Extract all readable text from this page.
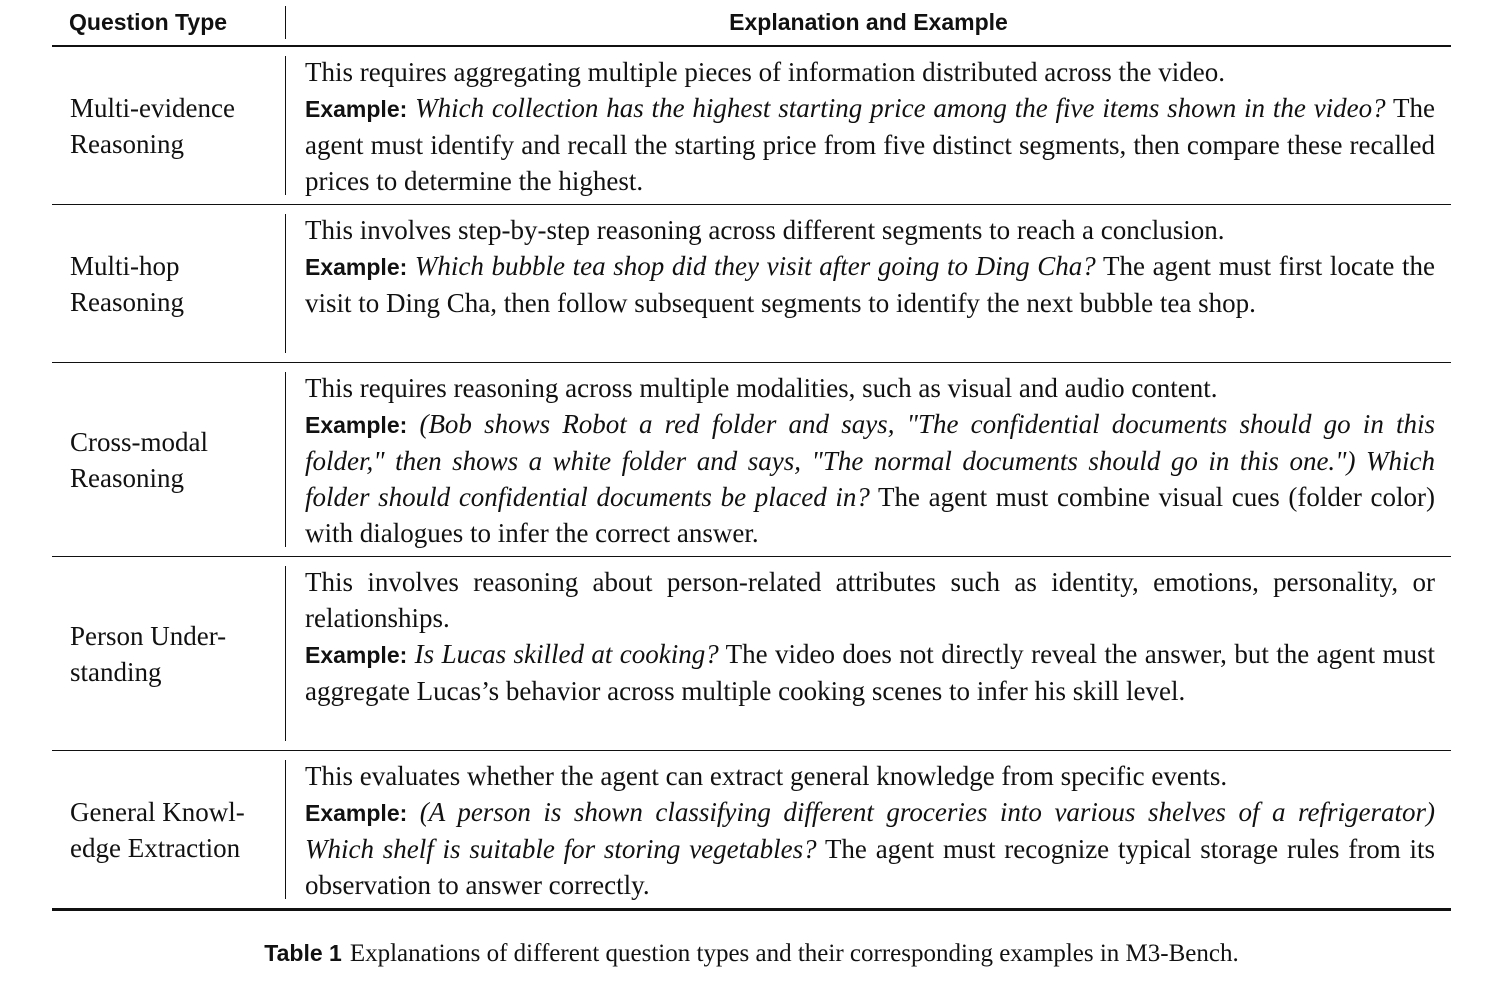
Question Type	Explanation and Example
Multi-evidence
Reasoning
This requires aggregating multiple pieces of information distributed across the video.
Example: Which collection has the highest starting price among the five items shown in the video? The agent must identify and recall the starting price from five distinct segments, then compare these recalled prices to determine the highest.
Multi-hop
Reasoning
This involves step-by-step reasoning across different segments to reach a conclusion.
Example: Which bubble tea shop did they visit after going to Ding Cha? The agent must first locate the visit to Ding Cha, then follow subsequent segments to identify the next bubble tea shop.
Cross-modal
Reasoning
This requires reasoning across multiple modalities, such as visual and audio content.
Example: (Bob shows Robot a red folder and says, "The confidential documents should go in this folder," then shows a white folder and says, "The normal documents should go in this one.") Which folder should confidential documents be placed in? The agent must combine visual cues (folder color) with dialogues to infer the correct answer.
Person Under-
standing
This involves reasoning about person-related attributes such as identity, emotions, personality, or relationships.
Example: Is Lucas skilled at cooking? The video does not directly reveal the answer, but the agent must aggregate Lucas’s behavior across multiple cooking scenes to infer his skill level.
General Knowl-
edge Extraction
This evaluates whether the agent can extract general knowledge from specific events.
Example: (A person is shown classifying different groceries into various shelves of a refrigerator) Which shelf is suitable for storing vegetables? The agent must recognize typical storage rules from its observation to answer correctly.
Table 1 Explanations of different question types and their corresponding examples in M3-Bench.
